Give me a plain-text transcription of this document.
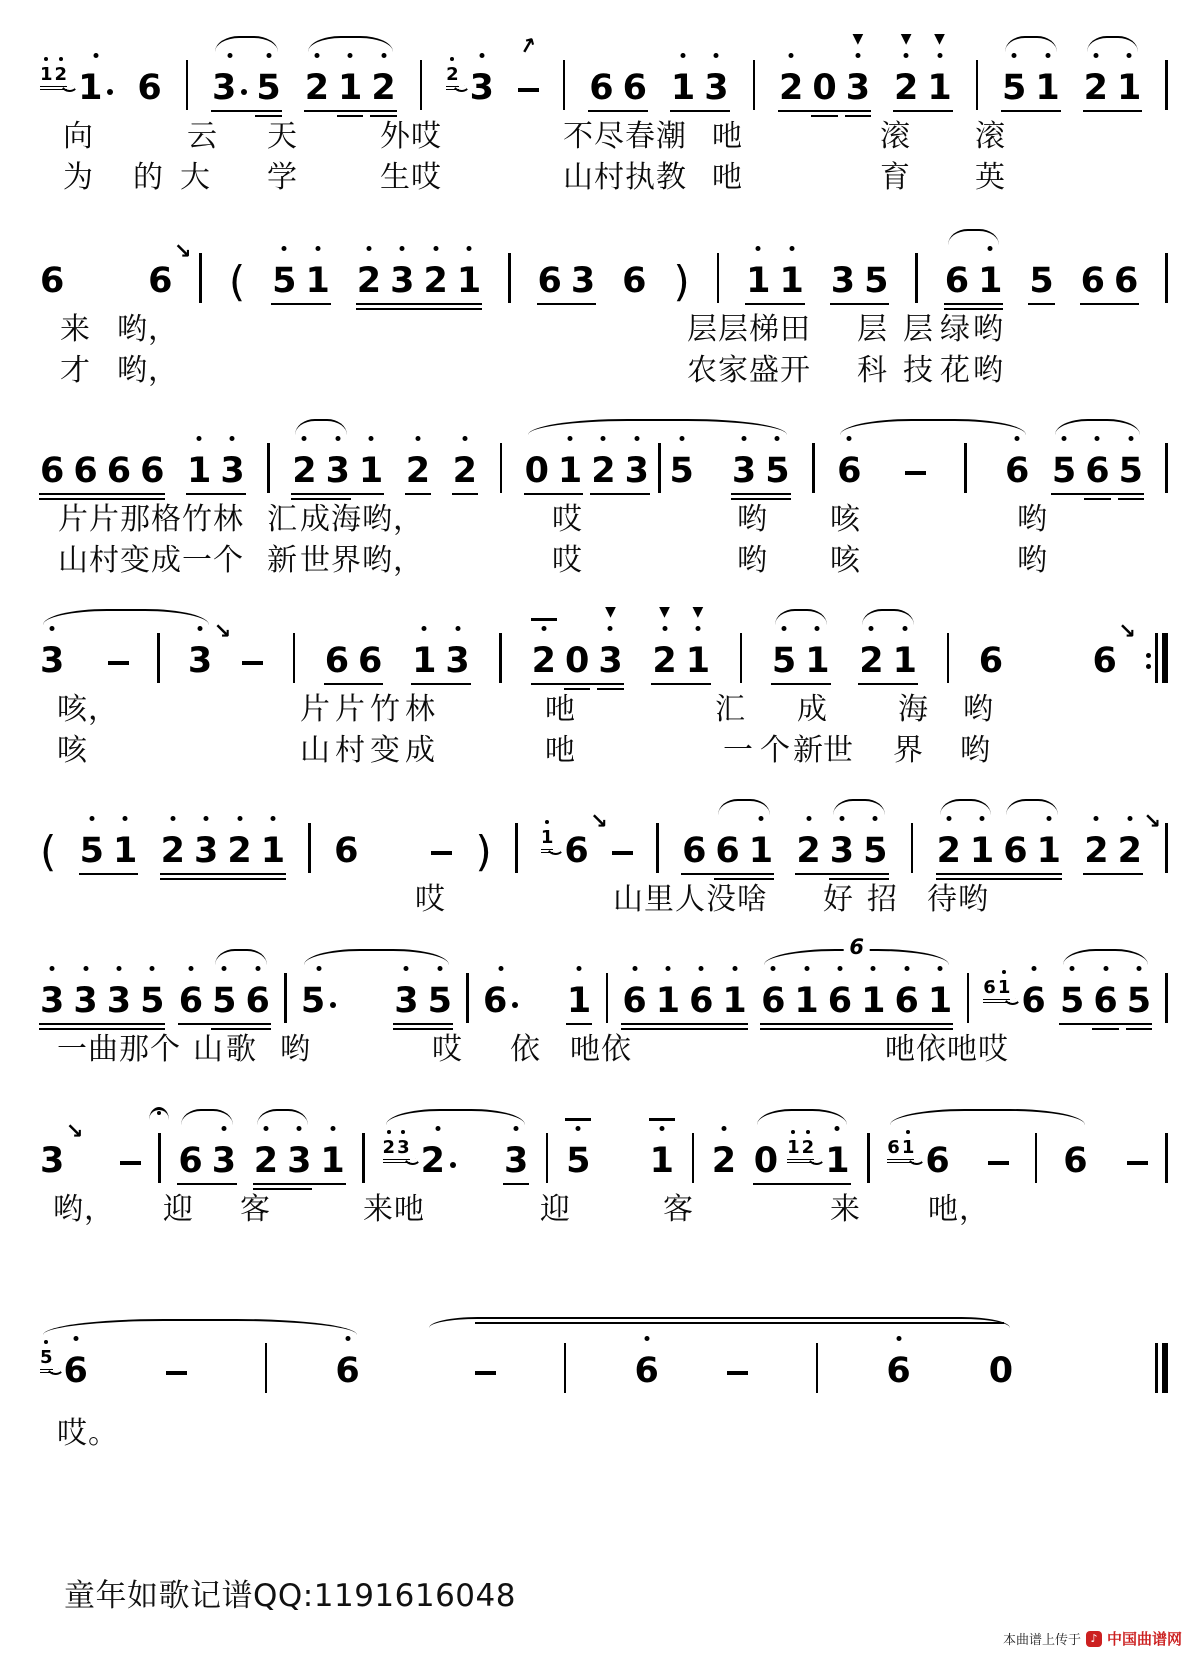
1 2 1 6 3 5 2 1 2	2 3
↗
6 6 1 3 2 0 3
▼
2
▼
1
▼
5 1 2 1
向	云 天	外哎	不尽春潮 吔	滚 滚
为 的 大 学	生哎	山村执教 吔	育 英
6 6
↘
( 5 1 2 3 2 1 6 3 6 ) 1 1 3 5 6 1 5 6 6
来 哟，	层层梯田 层 层 绿 哟
才 哟，	农家盛开 科 技 花 哟
6 6 6 6 1 3 2 3 1 2 2 0 1 2 3 5 3 5 6	6 5 6 5
片片那格竹林 汇 成海哟，	哎	哟 咳	哟
山村变成一个 新 世界哟，	哎	哟 咳	哟
3	3
↘
6 6 1 3 2 0 3
▼
2
▼
1
▼
5 1 2 1 6	6
↘
咳，	片 片 竹 林	吔	汇 成 海 哟
咳	山 村 变 成	吔	一 个 新 世 界 哟
( 5 1 2 3 2 1 6	)	1 6
↘
6 6 1 2 3 5 2 1 6 1 2 2
↘
哎	山里人没啥 好 招 待哟
3 3 3 5 6 5 6 5 3 5 6 1 6 1 6 1 6 1 6 1 6 1
6
6 1 6 5 6 5
一曲那个 山 歌 哟	哎 依 吔依	吔依吔 哎
3
↘
6 3 2 3 1 2 3 2 3 5 1 2 0 1 2 1 6 1 6	6
哟， 迎 客	来吔	迎	客	来 吔，
5 6	6	6	6 0
哎。
童年如歌记谱QQ:1191616048
本曲谱上传于 ♪ 中国曲谱网
